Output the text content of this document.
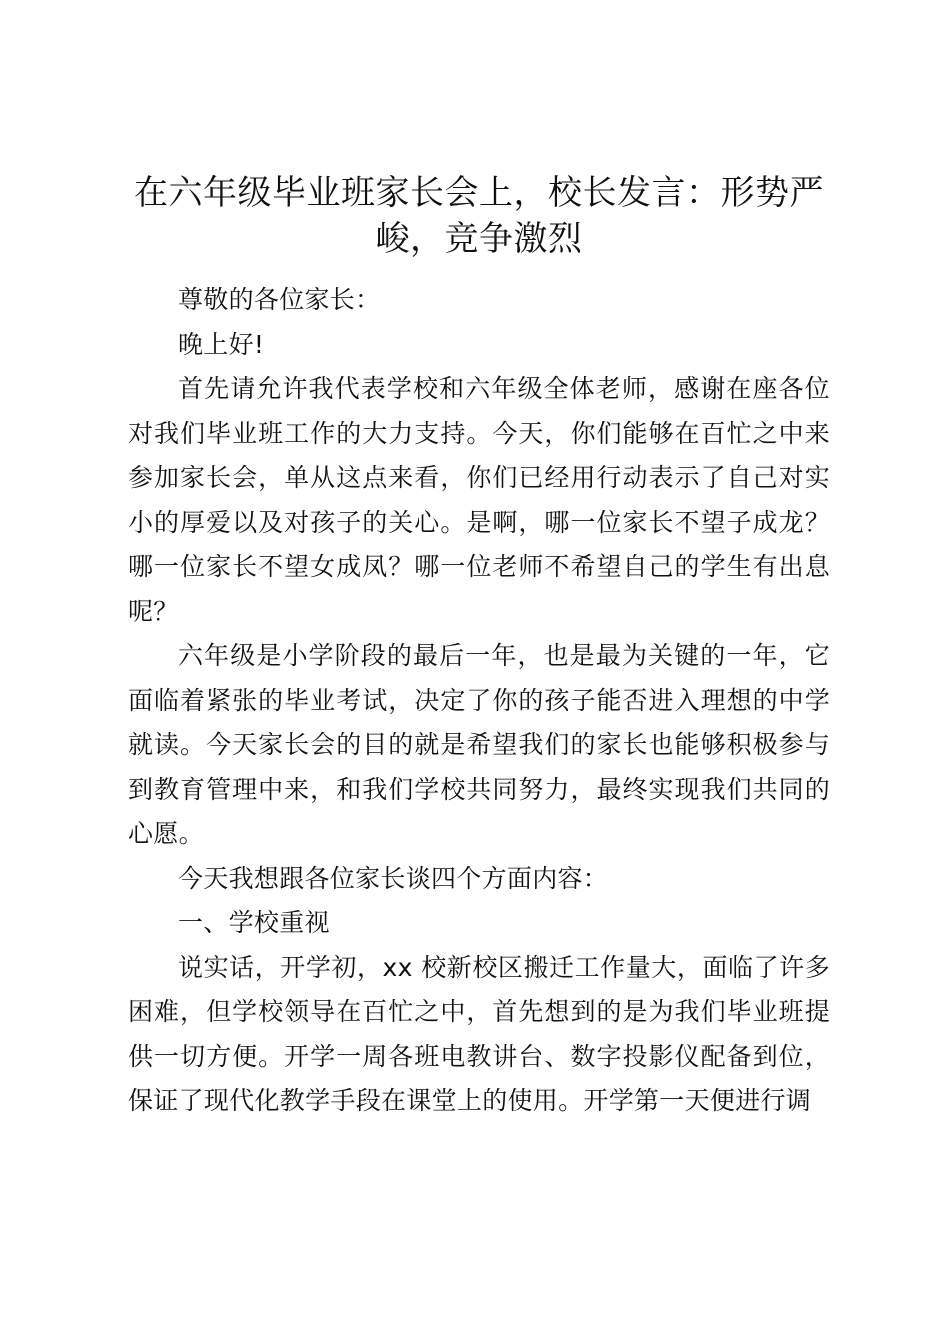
在六年级毕业班家长会上，校长发言：形势严峻，竞争激烈

尊敬的各位家长：

晚上好!

首先请允许我代表学校和六年级全体老师，感谢在座各位对我们毕业班工作的大力支持。今天，你们能够在百忙之中来参加家长会，单从这点来看，你们已经用行动表示了自己对实小的厚爱以及对孩子的关心。是啊，哪一位家长不望子成龙？哪一位家长不望女成凤？哪一位老师不希望自己的学生有出息呢？

六年级是小学阶段的最后一年，也是最为关键的一年，它面临着紧张的毕业考试，决定了你的孩子能否进入理想的中学就读。今天家长会的目的就是希望我们的家长也能够积极参与到教育管理中来，和我们学校共同努力，最终实现我们共同的心愿。

今天我想跟各位家长谈四个方面内容：

一、学校重视

说实话，开学初，xx 校新校区搬迁工作量大，面临了许多困难，但学校领导在百忙之中，首先想到的是为我们毕业班提供一切方便。开学一周各班电教讲台、数字投影仪配备到位，保证了现代化教学手段在课堂上的使用。开学第一天便进行调
